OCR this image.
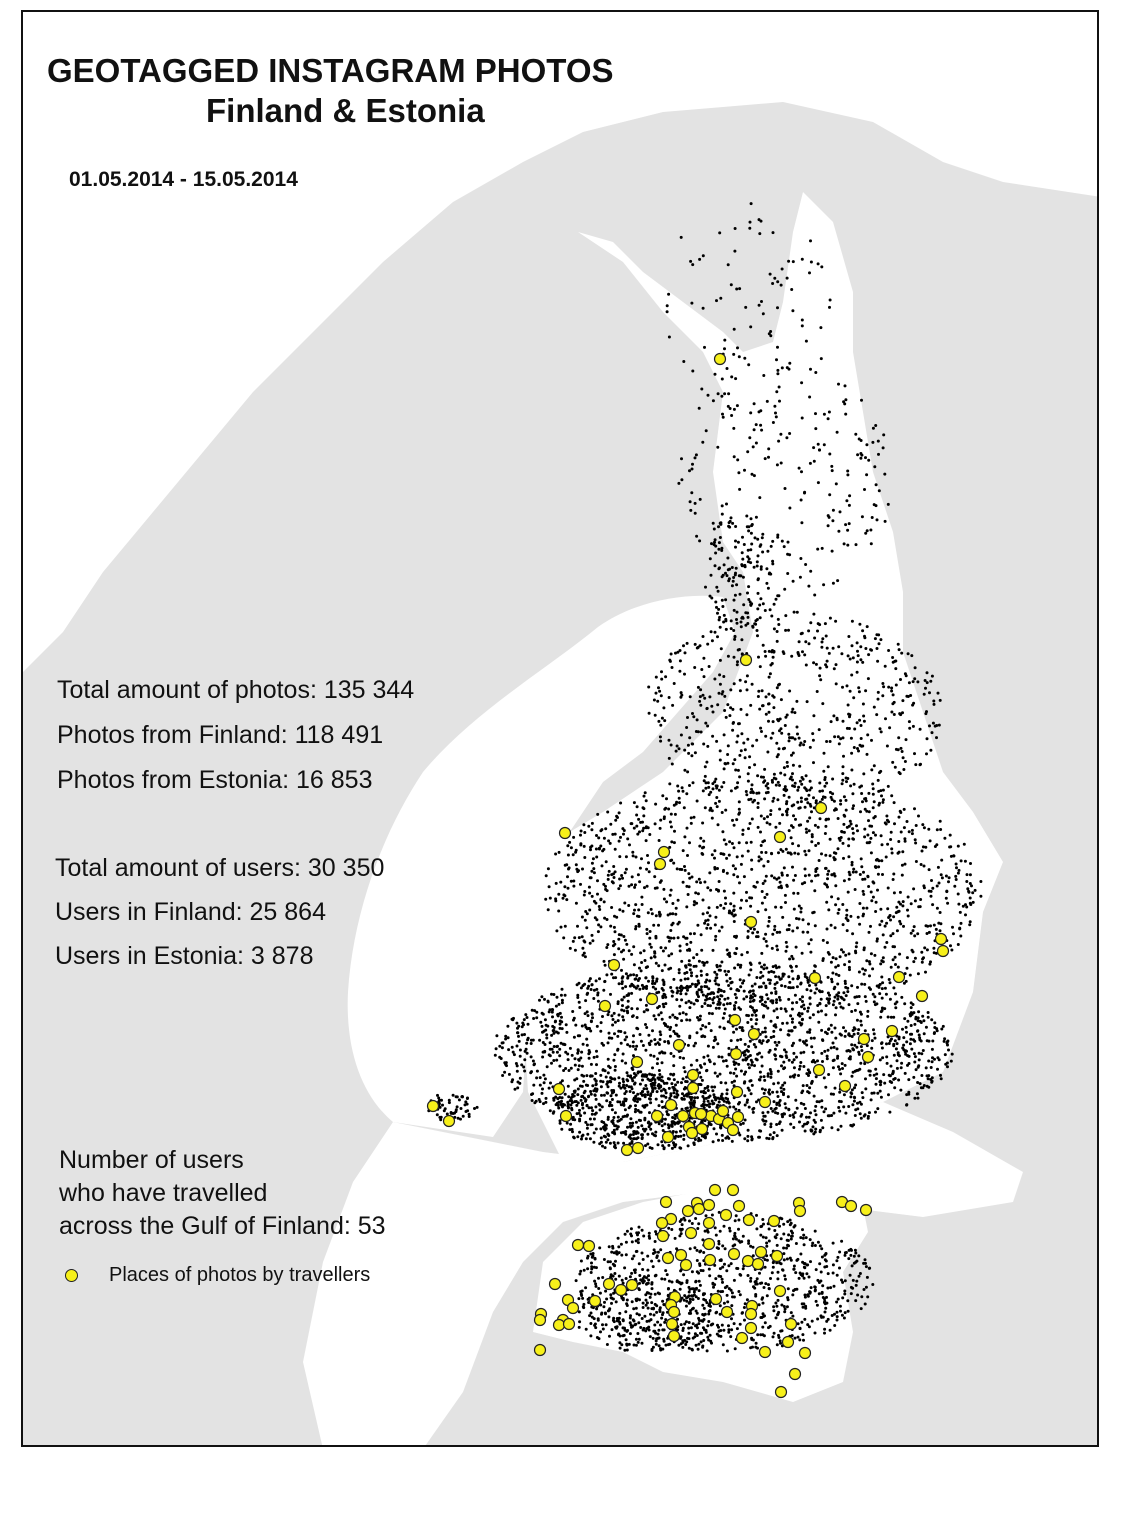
GEOTAGGED INSTAGRAM PHOTOS
Finland & Estonia
01.05.2014 - 15.05.2014
Total amount of photos: 135 344
Photos from Finland: 118 491
Photos from Estonia: 16 853
Total amount of users: 30 350
Users in Finland: 25 864
Users in Estonia: 3 878
Number of users
who have travelled
across the Gulf of Finland: 53
Places of photos by travellers
